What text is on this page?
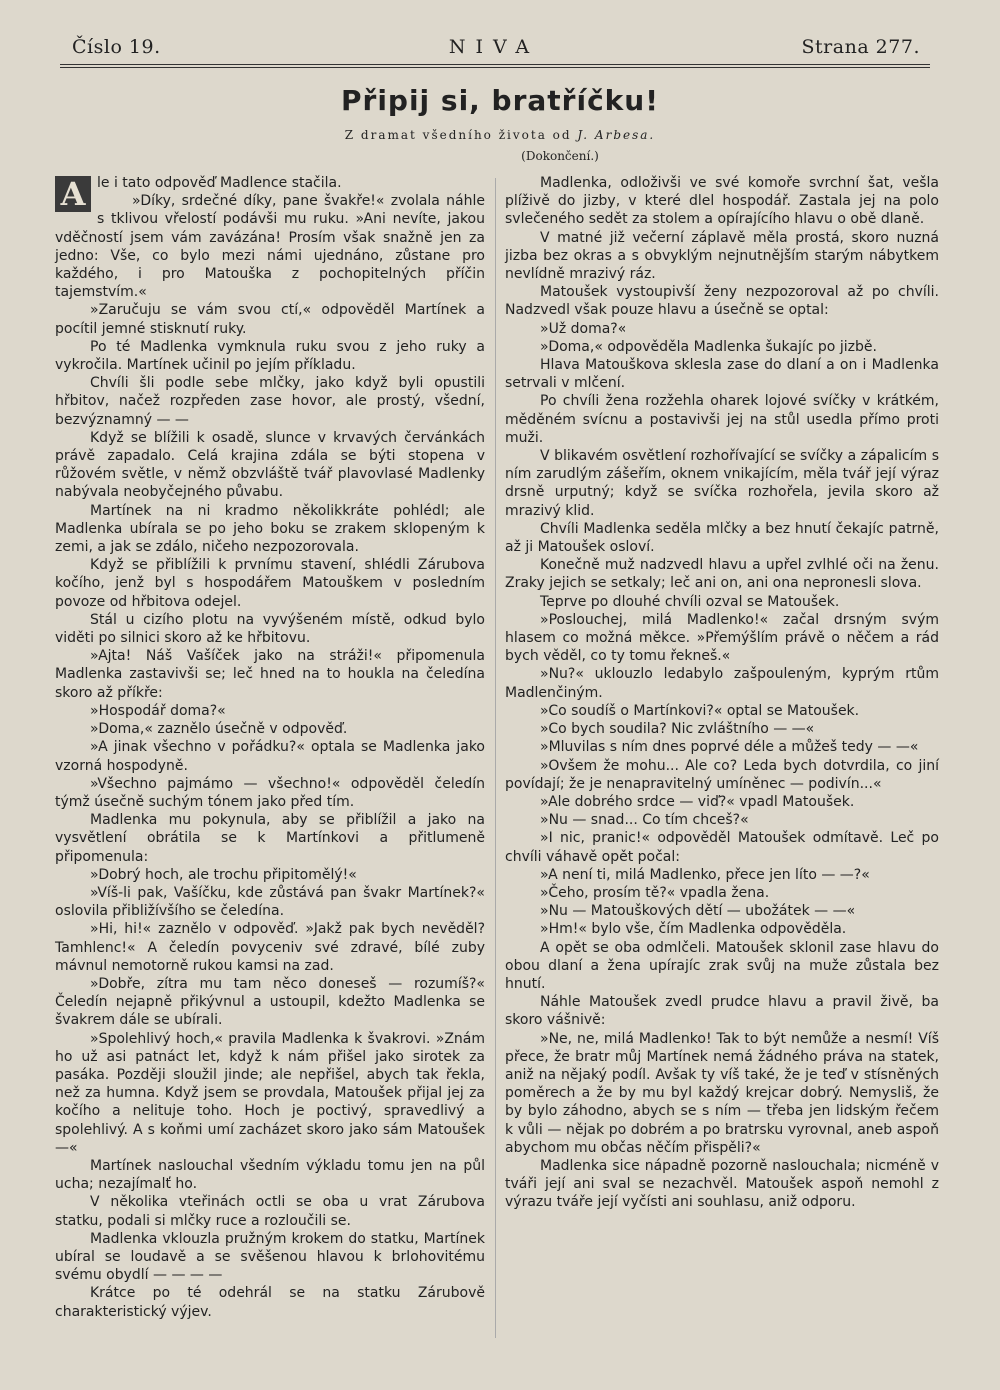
Číslo 19.	NIVA	Strana 277.
Připij si, bratříčku!
Z dramat všedního života od J. Arbesa.
(Dokončení.)

A le i tato odpověď Madlence stačila.

»Díky, srdečné díky, pane švakře!« zvolala náhle s tklivou vřelostí podávši mu ruku. »Ani nevíte, jakou vděčností jsem vám zavázána! Prosím však snažně jen za jedno: Vše, co bylo mezi námi ujednáno, zůstane pro každého, i pro Matouška z pochopitelných příčin tajemstvím.«

»Zaručuju se vám svou ctí,« odpověděl Martínek a pocítil jemné stisknutí ruky.

Po té Madlenka vymknula ruku svou z jeho ruky a vykročila. Martínek učinil po jejím příkladu.

Chvíli šli podle sebe mlčky, jako když byli opustili hřbitov, načež rozpředen zase hovor, ale prostý, všední, bezvýznamný — —

Když se blížili k osadě, slunce v krvavých červánkách právě zapadalo. Celá krajina zdála se býti stopena v růžovém světle, v němž obzvláště tvář plavovlasé Madlenky nabývala neobyčejného půvabu.

Martínek na ni kradmo několikkráte pohlédl; ale Madlenka ubírala se po jeho boku se zrakem sklopeným k zemi, a jak se zdálo, ničeho nezpozorovala.

Když se přiblížili k prvnímu stavení, shlédli Zárubova kočího, jenž byl s hospodářem Matouškem v posledním povoze od hřbitova odejel.

Stál u cizího plotu na vyvýšeném místě, odkud bylo viděti po silnici skoro až ke hřbitovu.

»Ajta! Náš Vašíček jako na stráži!« připomenula Madlenka zastavivši se; leč hned na to houkla na čeledína skoro až příkře:

»Hospodář doma?«

»Doma,« zaznělo úsečně v odpověď.

»A jinak všechno v pořádku?« optala se Madlenka jako vzorná hospodyně.

»Všechno pajmámo — všechno!« odpověděl čeledín týmž úsečně suchým tónem jako před tím.

Madlenka mu pokynula, aby se přiblížil a jako na vysvětlení obrátila se k Martínkovi a přitlumeně připomenula:

»Dobrý hoch, ale trochu připitomělý!«

»Víš-li pak, Vašíčku, kde zůstává pan švakr Martínek?« oslovila přibližívšího se čeledína.

»Hi, hi!« zaznělo v odpověď. »Jakž pak bych nevěděl? Tamhlenc!« A čeledín povyceniv své zdravé, bílé zuby mávnul nemotorně rukou kamsi na zad.

»Dobře, zítra mu tam něco doneseš — rozumíš?« Čeledín nejapně přikývnul a ustoupil, kdežto Madlenka se švakrem dále se ubírali.

»Spolehlivý hoch,« pravila Madlenka k švakrovi. »Znám ho už asi patnáct let, když k nám přišel jako sirotek za pasáka. Později sloužil jinde; ale nepřišel, abych tak řekla, než za humna. Když jsem se provdala, Matoušek přijal jej za kočího a nelituje toho. Hoch je poctivý, spravedlivý a spolehlivý. A s koňmi umí zacházet skoro jako sám Matoušek —«

Martínek naslouchal všedním výkladu tomu jen na půl ucha; nezajímalť ho.

V několika vteřinách octli se oba u vrat Zárubova statku, podali si mlčky ruce a rozloučili se.

Madlenka vklouzla pružným krokem do statku, Martínek ubíral se loudavě a se svěšenou hlavou k brlohovitému svému obydlí — — — —

Krátce po té odehrál se na statku Zárubově charakteristický výjev.

Madlenka, odloživši ve své komoře svrchní šat, vešla plíživě do jizby, v které dlel hospodář. Zastala jej na polo svlečeného sedět za stolem a opírajícího hlavu o obě dlaně.

V matné již večerní záplavě měla prostá, skoro nuzná jizba bez okras a s obvyklým nejnutnějším starým nábytkem nevlídně mrazivý ráz.

Matoušek vystoupivší ženy nezpozoroval až po chvíli. Nadzvedl však pouze hlavu a úsečně se optal:

»Už doma?«

»Doma,« odpověděla Madlenka šukajíc po jizbě.

Hlava Matouškova sklesla zase do dlaní a on i Madlenka setrvali v mlčení.

Po chvíli žena rozžehla oharek lojové svíčky v krátkém, měděném svícnu a postavivši jej na stůl usedla přímo proti muži.

V blikavém osvětlení rozhořívající se svíčky a zápalicím s ním zarudlým zášeřím, oknem vnikajícím, měla tvář její výraz drsně urputný; když se svíčka rozhořela, jevila skoro až mrazivý klid.

Chvíli Madlenka seděla mlčky a bez hnutí čekajíc patrně, až ji Matoušek osloví.

Konečně muž nadzvedl hlavu a upřel zvlhlé oči na ženu. Zraky jejich se setkaly; leč ani on, ani ona nepronesli slova.

Teprve po dlouhé chvíli ozval se Matoušek.

»Poslouchej, milá Madlenko!« začal drsným svým hlasem co možná měkce. »Přemýšlím právě o něčem a rád bych věděl, co ty tomu řekneš.«

»Nu?« uklouzlo ledabylo zašpouleným, kyprým rtům Madlenčiným.

»Co soudíš o Martínkovi?« optal se Matoušek.

»Co bych soudila? Nic zvláštního — —«

»Mluvilas s ním dnes poprvé déle a můžeš tedy — —«

»Ovšem že mohu... Ale co? Leda bych dotvrdila, co jiní povídají; že je nenapravitelný umíněnec — podivín...«

»Ale dobrého srdce — viď?« vpadl Matoušek.

»Nu — snad... Co tím chceš?«

»I nic, pranic!« odpověděl Matoušek odmítavě. Leč po chvíli váhavě opět počal:

»A není ti, milá Madlenko, přece jen líto — —?«

»Čeho, prosím tě?« vpadla žena.

»Nu — Matouškových dětí — ubožátek — —«

»Hm!« bylo vše, čím Madlenka odpověděla.

A opět se oba odmlčeli. Matoušek sklonil zase hlavu do obou dlaní a žena upírajíc zrak svůj na muže zůstala bez hnutí.

Náhle Matoušek zvedl prudce hlavu a pravil živě, ba skoro vášnivě:

»Ne, ne, milá Madlenko! Tak to být nemůže a nesmí! Víš přece, že bratr můj Martínek nemá žádného práva na statek, aniž na nějaký podíl. Avšak ty víš také, že je teď v stísněných poměrech a že by mu byl každý krejcar dobrý. Nemysliš, že by bylo záhodno, abych se s ním — třeba jen lidským řečem k vůli — nějak po dobrém a po bratrsku vyrovnal, aneb aspoň abychom mu občas něčím přispěli?«

Madlenka sice nápadně pozorně naslouchala; nicméně v tváři její ani sval se nezachvěl. Matoušek aspoň nemohl z výrazu tváře její vyčísti ani souhlasu, aniž odporu.
